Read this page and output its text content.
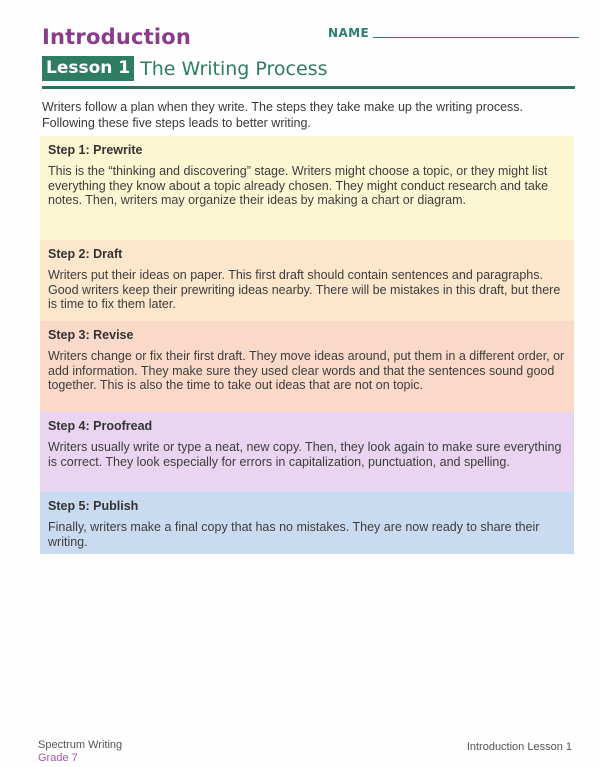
Introduction	NAME
Lesson 1 The Writing Process
Writers follow a plan when they write. The steps they take make up the writing process. Following these five steps leads to better writing.
Step 1: Prewrite
This is the “thinking and discovering” stage. Writers might choose a topic, or they might list everything they know about a topic already chosen. They might conduct research and take notes. Then, writers may organize their ideas by making a chart or diagram.
Step 2: Draft
Writers put their ideas on paper. This first draft should contain sentences and paragraphs. Good writers keep their prewriting ideas nearby. There will be mistakes in this draft, but there is time to fix them later.
Step 3: Revise
Writers change or fix their first draft. They move ideas around, put them in a different order, or add information. They make sure they used clear words and that the sentences sound good together. This is also the time to take out ideas that are not on topic.
Step 4: Proofread
Writers usually write or type a neat, new copy. Then, they look again to make sure everything is correct. They look especially for errors in capitalization, punctuation, and spelling.
Step 5: Publish
Finally, writers make a final copy that has no mistakes. They are now ready to share their writing.
Spectrum Writing
Grade 7
Introduction Lesson 1
